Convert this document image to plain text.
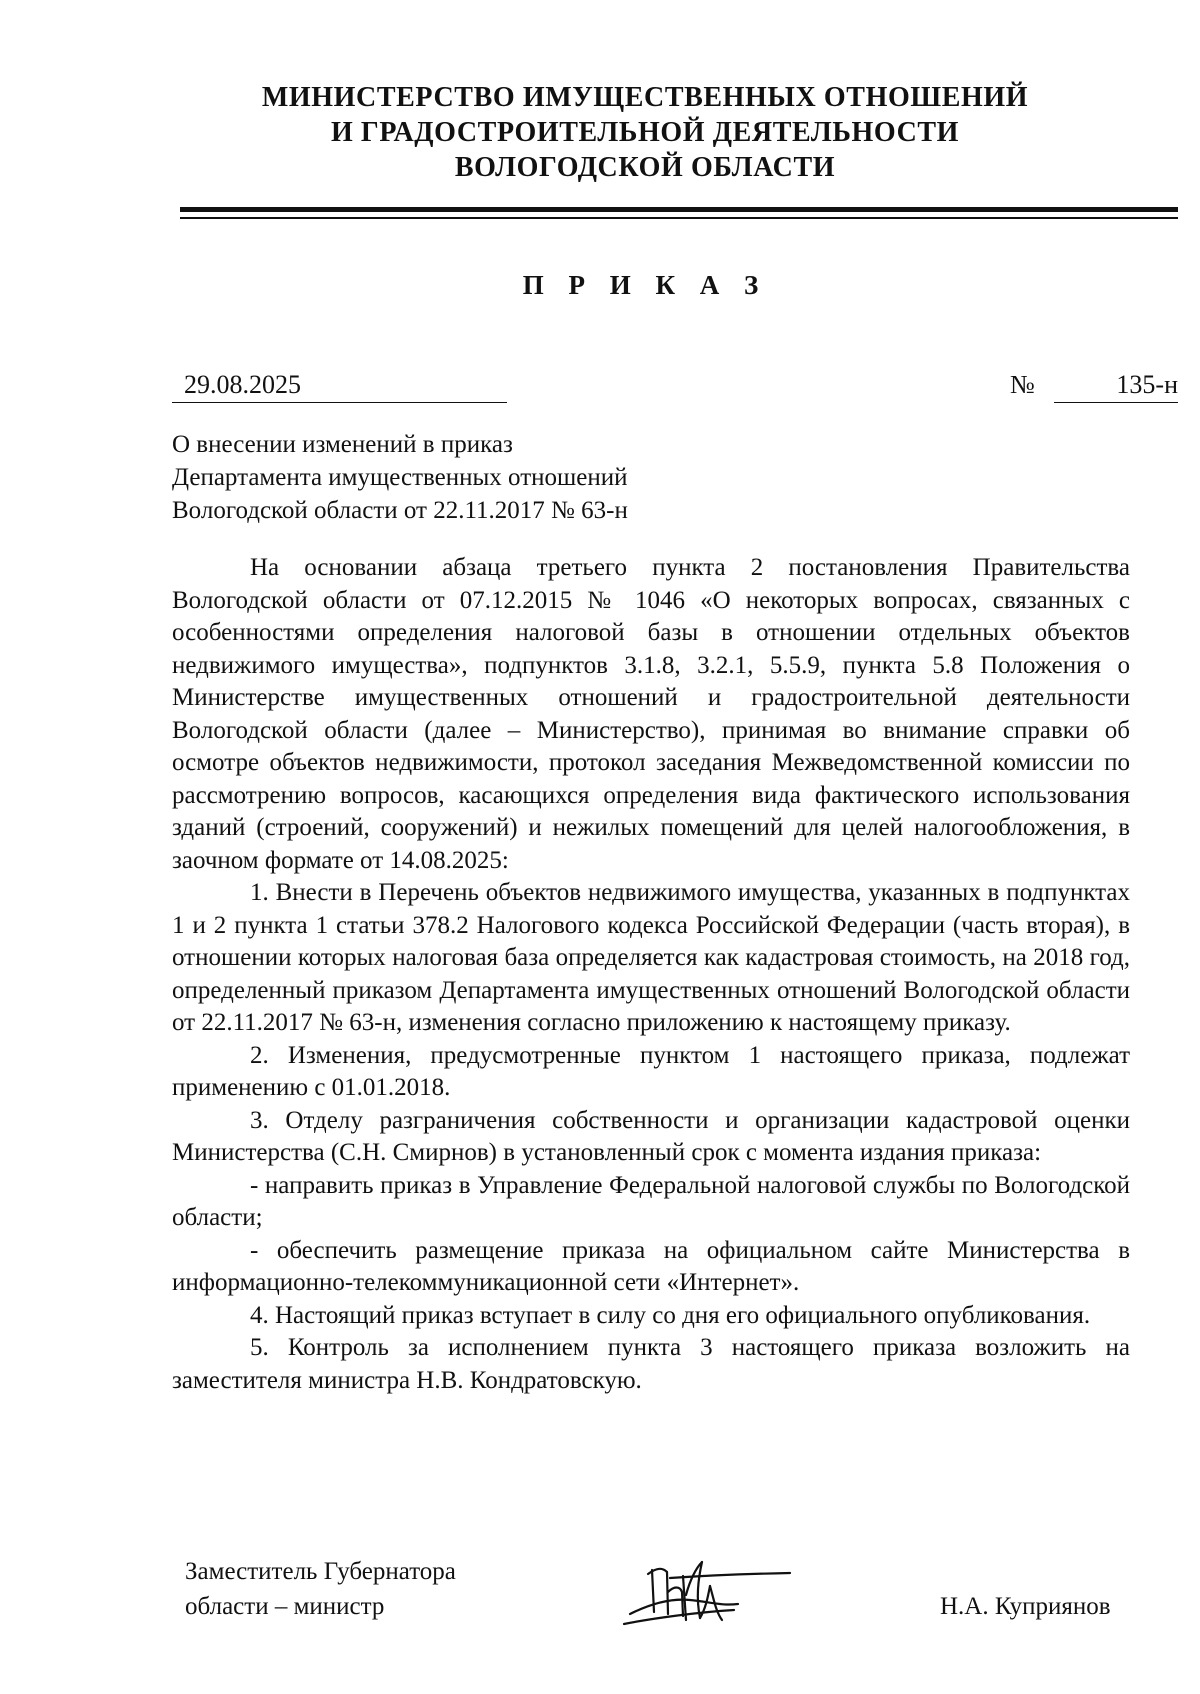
МИНИСТЕРСТВО ИМУЩЕСТВЕННЫХ ОТНОШЕНИЙ
И ГРАДОСТРОИТЕЛЬНОЙ ДЕЯТЕЛЬНОСТИ
ВОЛОГОДСКОЙ ОБЛАСТИ
П Р И К А З
29.08.2025	№	135-н
О внесении изменений в приказ
Департамента имущественных отношений
Вологодской области от 22.11.2017 № 63-н

На основании абзаца третьего пункта 2 постановления Правительства Вологодской области от 07.12.2015 № 1046 «О некоторых вопросах, связанных с особенностями определения налоговой базы в отношении отдельных объектов недвижимого имущества», подпунктов 3.1.8, 3.2.1, 5.5.9, пункта 5.8 Положения о Министерстве имущественных отношений и градостроительной деятельности Вологодской области (далее – Министерство), принимая во внимание справки об осмотре объектов недвижимости, протокол заседания Межведомственной комиссии по рассмотрению вопросов, касающихся определения вида фактического использования зданий (строений, сооружений) и нежилых помещений для целей налогообложения, в заочном формате от 14.08.2025:

1. Внести в Перечень объектов недвижимого имущества, указанных в подпунктах 1 и 2 пункта 1 статьи 378.2 Налогового кодекса Российской Федерации (часть вторая), в отношении которых налоговая база определяется как кадастровая стоимость, на 2018 год, определенный приказом Департамента имущественных отношений Вологодской области от 22.11.2017 № 63-н, изменения согласно приложению к настоящему приказу.

2. Изменения, предусмотренные пунктом 1 настоящего приказа, подлежат применению с 01.01.2018.

3. Отделу разграничения собственности и организации кадастровой оценки Министерства (С.Н. Смирнов) в установленный срок с момента издания приказа:

- направить приказ в Управление Федеральной налоговой службы по Вологодской области;

- обеспечить размещение приказа на официальном сайте Министерства в информационно-телекоммуникационной сети «Интернет».

4. Настоящий приказ вступает в силу со дня его официального опубликования.

5. Контроль за исполнением пункта 3 настоящего приказа возложить на заместителя министра Н.В. Кондратовскую.

Заместитель Губернатора
области – министр	Н.А. Куприянов
